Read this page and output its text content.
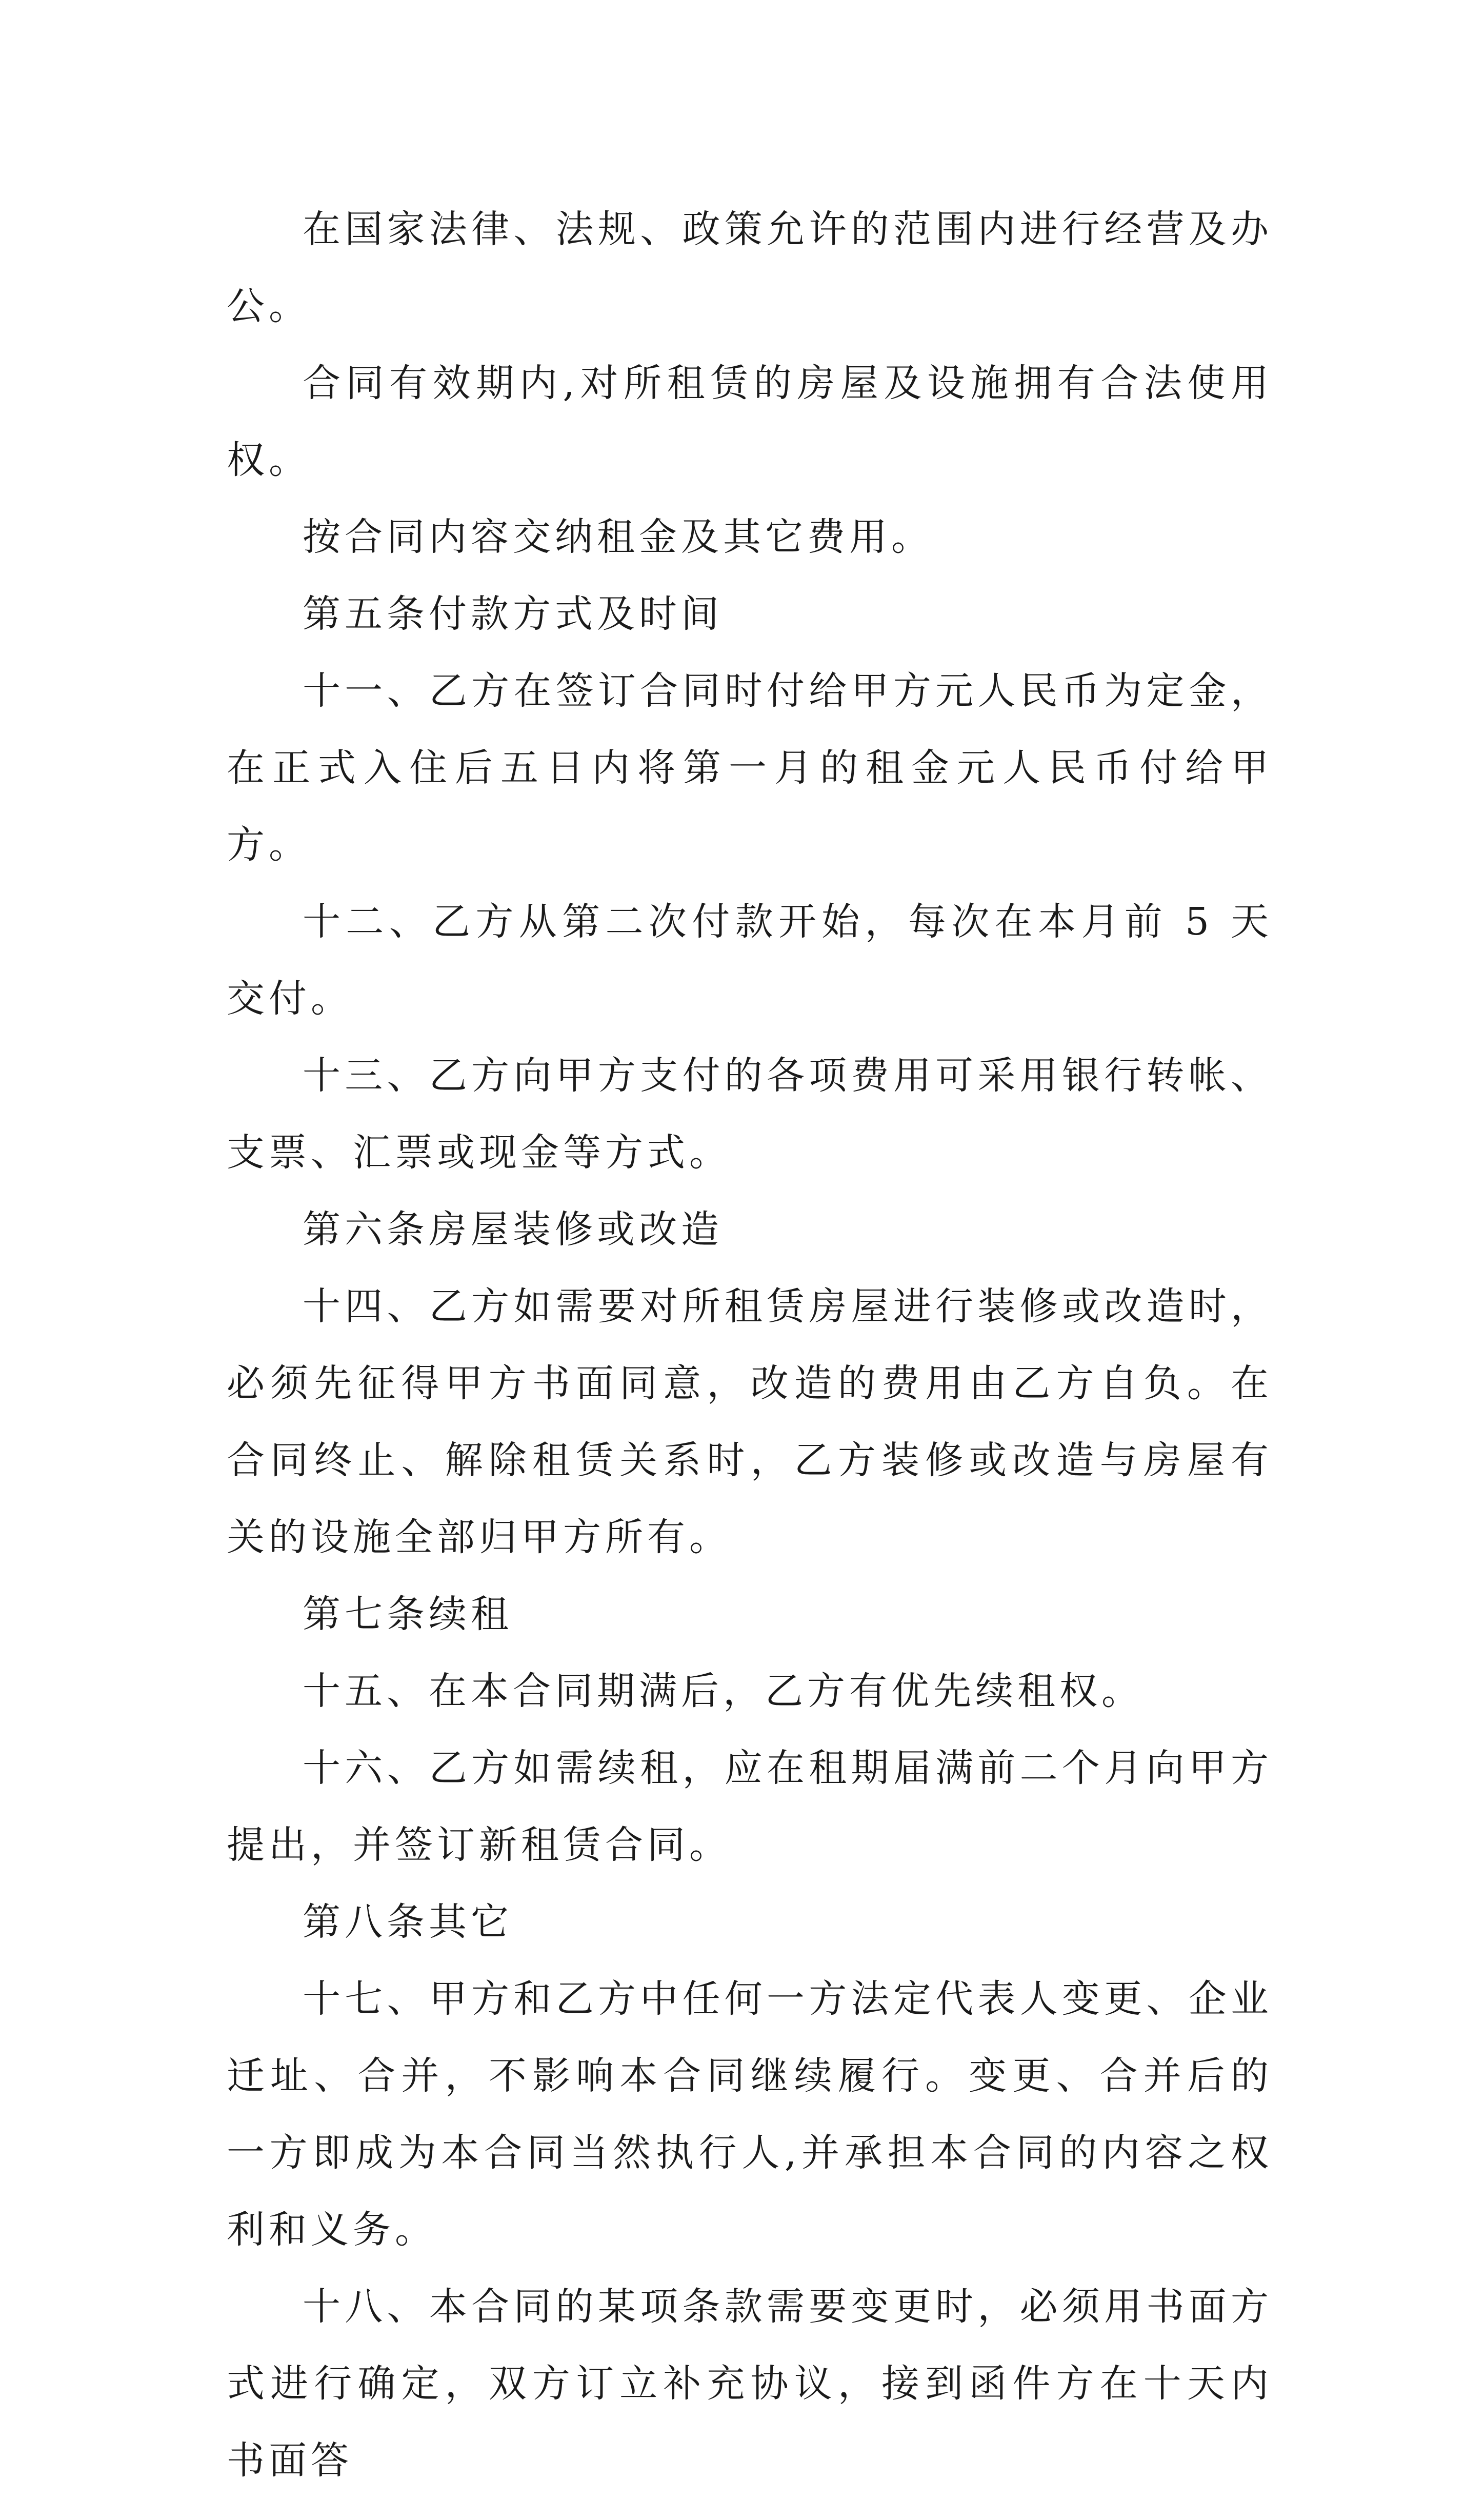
在国家法律、法规、政策允许的范围内进行经营及办公。

合同有效期内,对所租赁的房屋及设施拥有合法使用权。

按合同内容交纳租金及其它费用。

第五条付款方式及时间

十一、乙方在签订合同时付给甲方元人民币为定金，在正式入住后五日内将第一月的租金元人民币付给甲方。

十二、乙方从第二次付款开始，每次在本月前 5 天交付。

十三、乙方向甲方支付的各项费用可采用银行转帐、支票、汇票或现金等方式。

第六条房屋装修或改造

十四、乙方如需要对所租赁房屋进行装修或改造时，必须先征得甲方书面同意，改造的费用由乙方自负。在合同终止、解除租赁关系时，乙方装修或改造与房屋有关的设施全部归甲方所有。

第七条续租

十五、在本合同期满后，乙方有优先续租权。

十六、乙方如需续租，应在租期届满前二个月向甲方提出，并签订新租赁合同。

第八条其它

十七、甲方和乙方中任何一方法定代表人变更、企业迁址、合并，不影响本合同继续履行。变更、合并后的一方即成为本合同当然执行人,并承担本合同的内容之权利和义务。

十八、本合同的某项条款需要变更时，必须用书面方式进行确定，双方订立补充协议，接到函件方在十天内书面答
